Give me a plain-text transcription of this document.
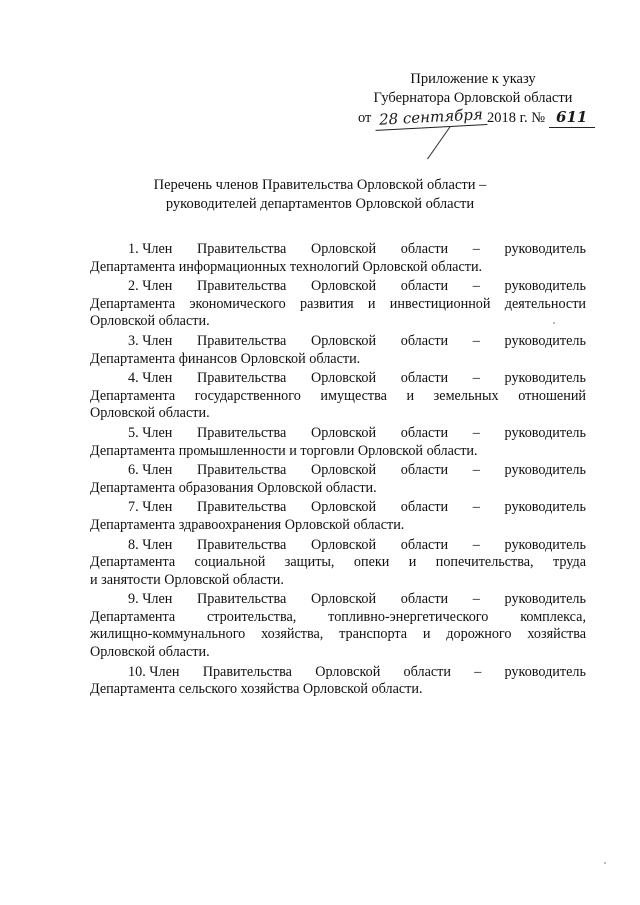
Приложение к указу
Губернатора Орловской области
от 28 сентября 2018 г. № 611
Перечень членов Правительства Орловской области –
руководителей департаментов Орловской области
1. Член Правительства Орловской области – руководитель
Департамента информационных технологий Орловской области.
2. Член Правительства Орловской области – руководитель
Департамента экономического развития и инвестиционной деятельности
Орловской области.
3. Член Правительства Орловской области – руководитель
Департамента финансов Орловской области.
4. Член Правительства Орловской области – руководитель
Департамента государственного имущества и земельных отношений
Орловской области.
5. Член Правительства Орловской области – руководитель
Департамента промышленности и торговли Орловской области.
6. Член Правительства Орловской области – руководитель
Департамента образования Орловской области.
7. Член Правительства Орловской области – руководитель
Департамента здравоохранения Орловской области.
8. Член Правительства Орловской области – руководитель
Департамента социальной защиты, опеки и попечительства, труда
и занятости Орловской области.
9. Член Правительства Орловской области – руководитель
Департамента строительства, топливно-энергетического комплекса,
жилищно-коммунального хозяйства, транспорта и дорожного хозяйства
Орловской области.
10. Член Правительства Орловской области – руководитель
Департамента сельского хозяйства Орловской области.
